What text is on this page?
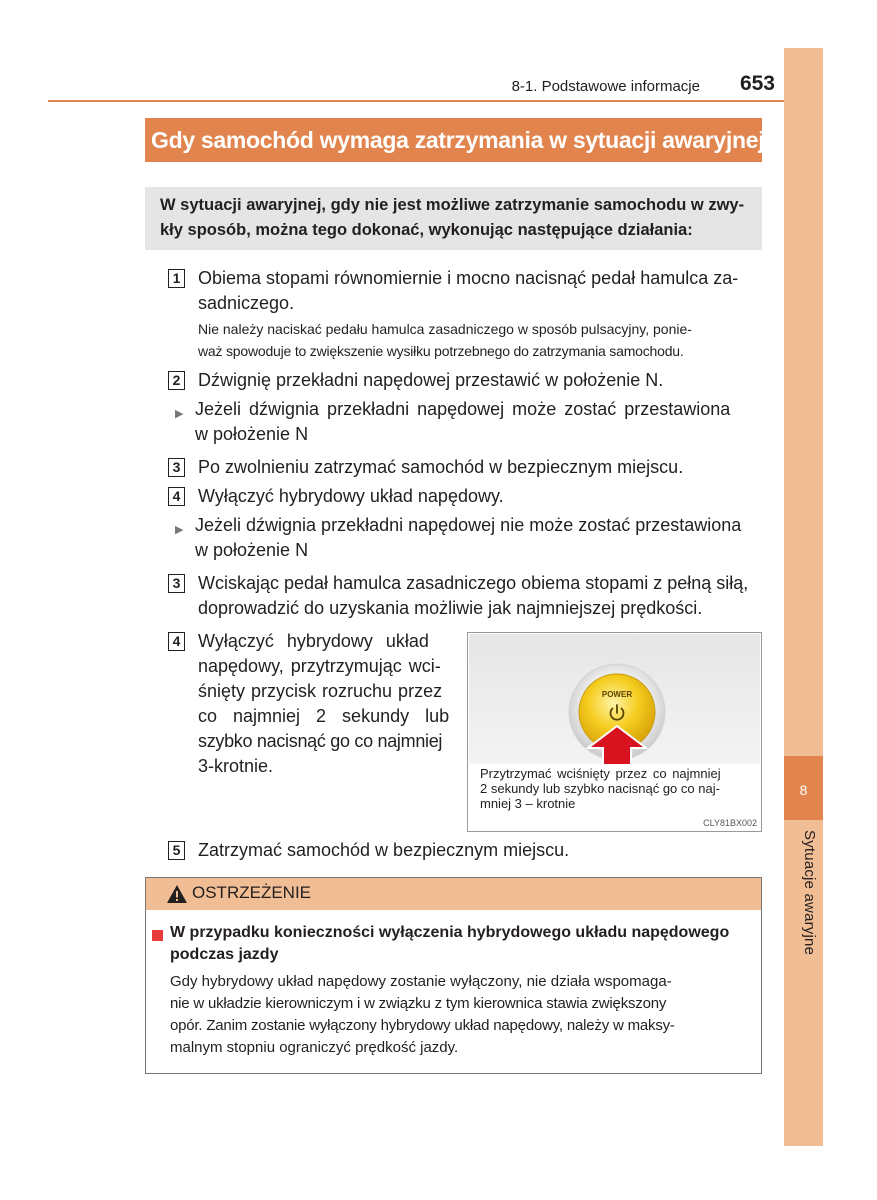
8
Sytuacje awaryjne
8-1. Podstawowe informacje	653
Gdy samochód wymaga zatrzymania w sytuacji awaryjnej
W sytuacji awaryjnej, gdy nie jest możliwe zatrzymanie samochodu w zwy-
kły sposób, można tego dokonać, wykonując następujące działania:
1 Obiema stopami równomiernie i mocno nacisnąć pedał hamulca za-
sadniczego.
Nie należy naciskać pedału hamulca zasadniczego w sposób pulsacyjny, ponie-
waż spowoduje to zwiększenie wysiłku potrzebnego do zatrzymania samochodu.
2 Dźwignię przekładni napędowej przestawić w położenie N.
▶ Jeżeli dźwignia przekładni napędowej może zostać przestawiona
w położenie N
3 Po zwolnieniu zatrzymać samochód w bezpiecznym miejscu.
4 Wyłączyć hybrydowy układ napędowy.
▶ Jeżeli dźwignia przekładni napędowej nie może zostać przestawiona
w położenie N
3 Wciskając pedał hamulca zasadniczego obiema stopami z pełną siłą,
doprowadzić do uzyskania możliwie jak najmniejszej prędkości.
4 Wyłączyć hybrydowy układ
napędowy, przytrzymując wci-
śnięty przycisk rozruchu przez
co najmniej 2 sekundy lub
szybko nacisnąć go co najmniej
3-krotnie.
POWER
Przytrzymać wciśnięty przez co najmniej
2 sekundy lub szybko nacisnąć go co naj-
mniej 3 – krotnie
CLY81BX002
5 Zatrzymać samochód w bezpiecznym miejscu.
OSTRZEŻENIE
W przypadku konieczności wyłączenia hybrydowego układu napędowego podczas jazdy
Gdy hybrydowy układ napędowy zostanie wyłączony, nie działa wspomaga-
nie w układzie kierowniczym i w związku z tym kierownica stawia zwiększony
opór. Zanim zostanie wyłączony hybrydowy układ napędowy, należy w maksy-
malnym stopniu ograniczyć prędkość jazdy.
